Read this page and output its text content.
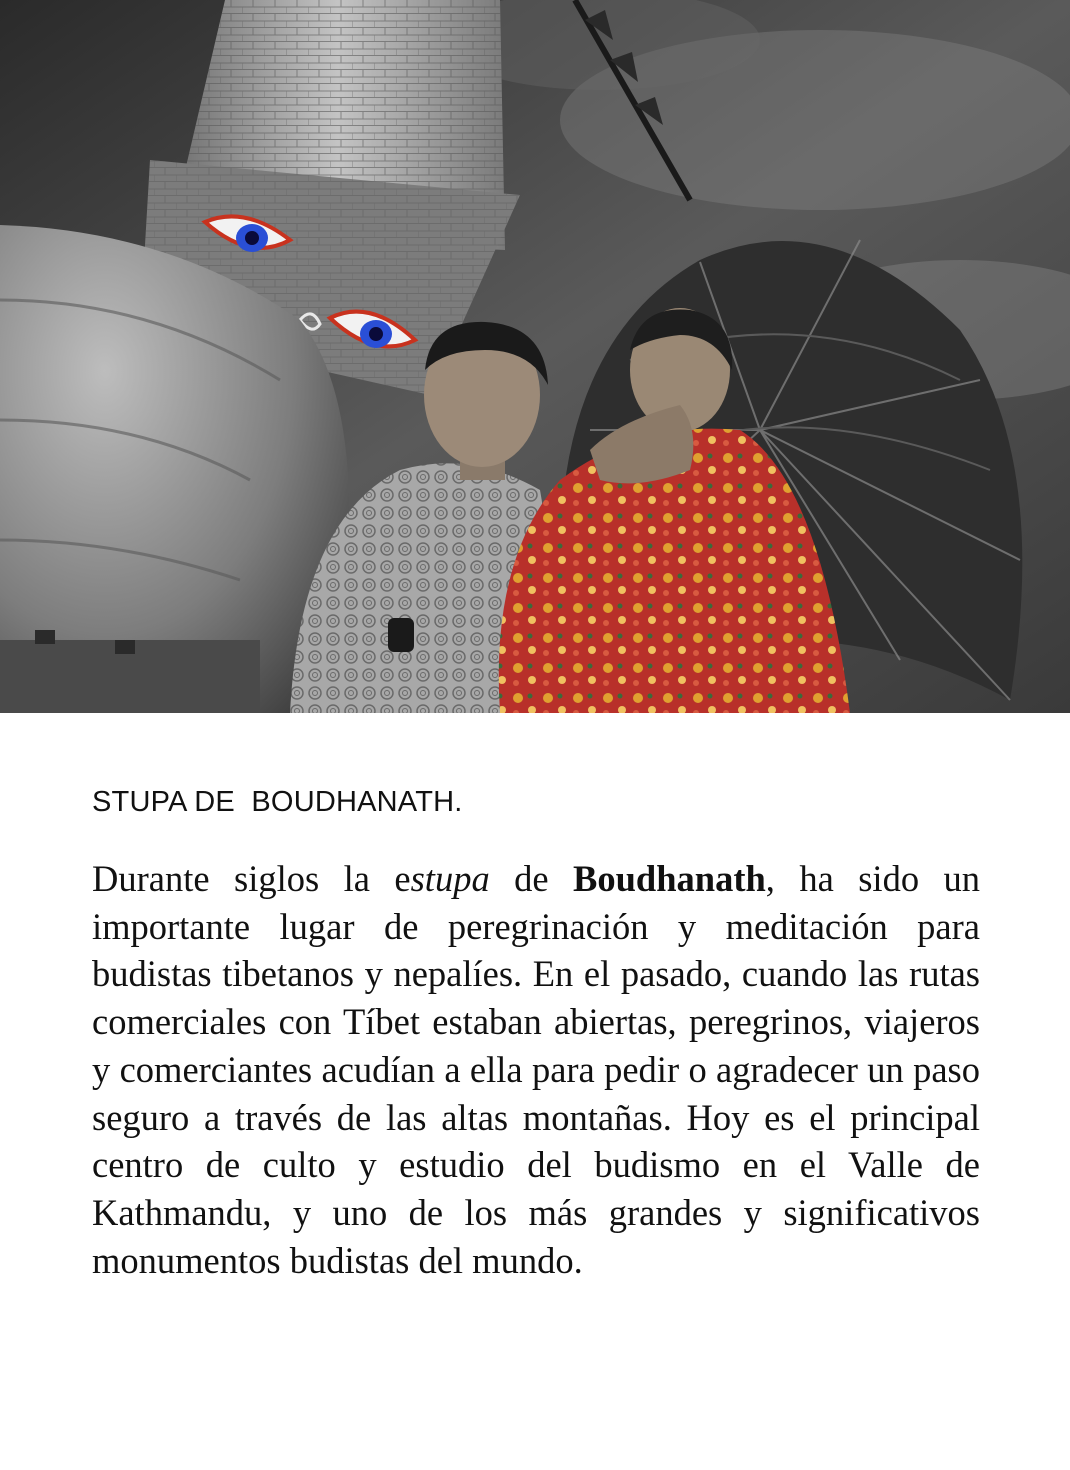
STUPA DE  BOUDHANATH.

Durante siglos la estupa de Boudhanath, ha sido un importante lugar de peregrinación y meditación para budistas tibetanos y nepalíes. En el pasado, cuando las rutas comerciales con Tíbet estaban abiertas, peregrinos, viajeros y comerciantes acudían a ella para pedir o agradecer un paso seguro a través de las altas montañas. Hoy es el principal centro de culto y estudio del budismo en el Valle de Kathmandu, y uno de los más grandes y significativos monumentos budistas del mundo.
